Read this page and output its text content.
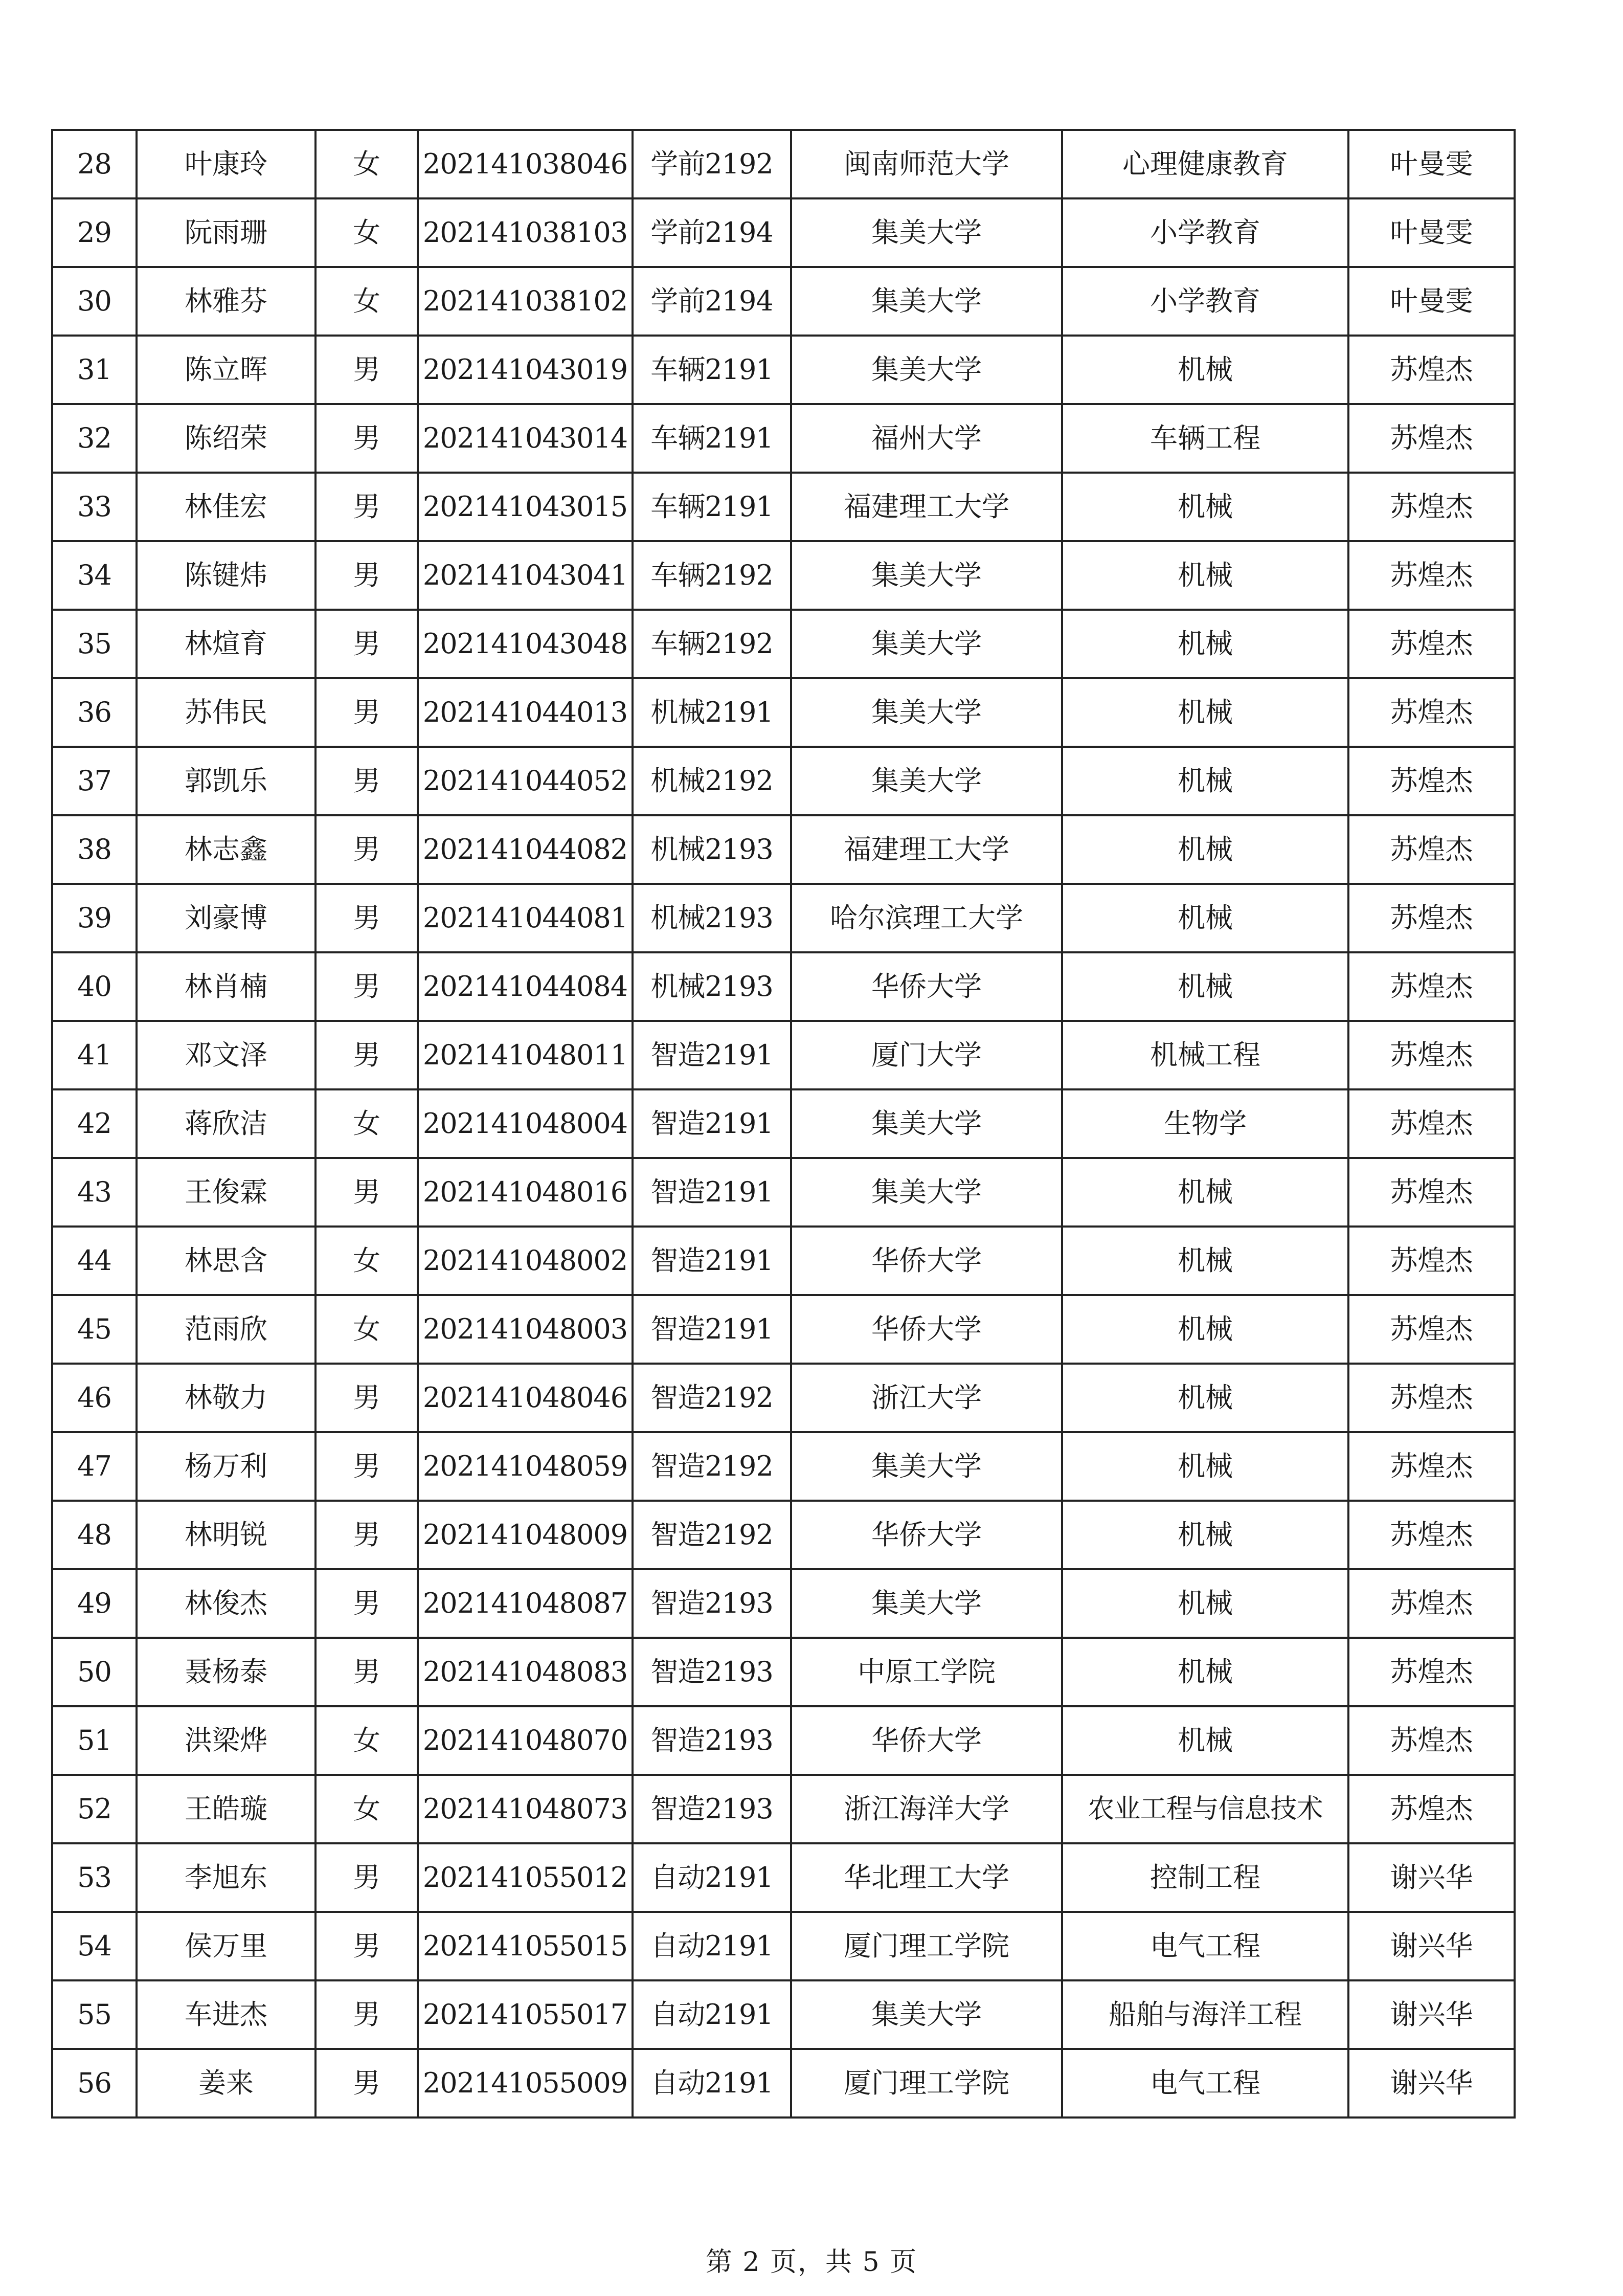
28	叶康玲	女	202141038046	学前2192	闽南师范大学	心理健康教育	叶曼雯
29	阮雨珊	女	202141038103	学前2194	集美大学	小学教育	叶曼雯
30	林雅芬	女	202141038102	学前2194	集美大学	小学教育	叶曼雯
31	陈立晖	男	202141043019	车辆2191	集美大学	机械	苏煌杰
32	陈绍荣	男	202141043014	车辆2191	福州大学	车辆工程	苏煌杰
33	林佳宏	男	202141043015	车辆2191	福建理工大学	机械	苏煌杰
34	陈键炜	男	202141043041	车辆2192	集美大学	机械	苏煌杰
35	林煊育	男	202141043048	车辆2192	集美大学	机械	苏煌杰
36	苏伟民	男	202141044013	机械2191	集美大学	机械	苏煌杰
37	郭凯乐	男	202141044052	机械2192	集美大学	机械	苏煌杰
38	林志鑫	男	202141044082	机械2193	福建理工大学	机械	苏煌杰
39	刘豪博	男	202141044081	机械2193	哈尔滨理工大学	机械	苏煌杰
40	林肖楠	男	202141044084	机械2193	华侨大学	机械	苏煌杰
41	邓文泽	男	202141048011	智造2191	厦门大学	机械工程	苏煌杰
42	蒋欣洁	女	202141048004	智造2191	集美大学	生物学	苏煌杰
43	王俊霖	男	202141048016	智造2191	集美大学	机械	苏煌杰
44	林思含	女	202141048002	智造2191	华侨大学	机械	苏煌杰
45	范雨欣	女	202141048003	智造2191	华侨大学	机械	苏煌杰
46	林敬力	男	202141048046	智造2192	浙江大学	机械	苏煌杰
47	杨万利	男	202141048059	智造2192	集美大学	机械	苏煌杰
48	林明锐	男	202141048009	智造2192	华侨大学	机械	苏煌杰
49	林俊杰	男	202141048087	智造2193	集美大学	机械	苏煌杰
50	聂杨泰	男	202141048083	智造2193	中原工学院	机械	苏煌杰
51	洪梁烨	女	202141048070	智造2193	华侨大学	机械	苏煌杰
52	王皓璇	女	202141048073	智造2193	浙江海洋大学	农业工程与信息技术	苏煌杰
53	李旭东	男	202141055012	自动2191	华北理工大学	控制工程	谢兴华
54	侯万里	男	202141055015	自动2191	厦门理工学院	电气工程	谢兴华
55	车进杰	男	202141055017	自动2191	集美大学	船舶与海洋工程	谢兴华
56	姜来	男	202141055009	自动2191	厦门理工学院	电气工程	谢兴华
第 2 页，共 5 页
